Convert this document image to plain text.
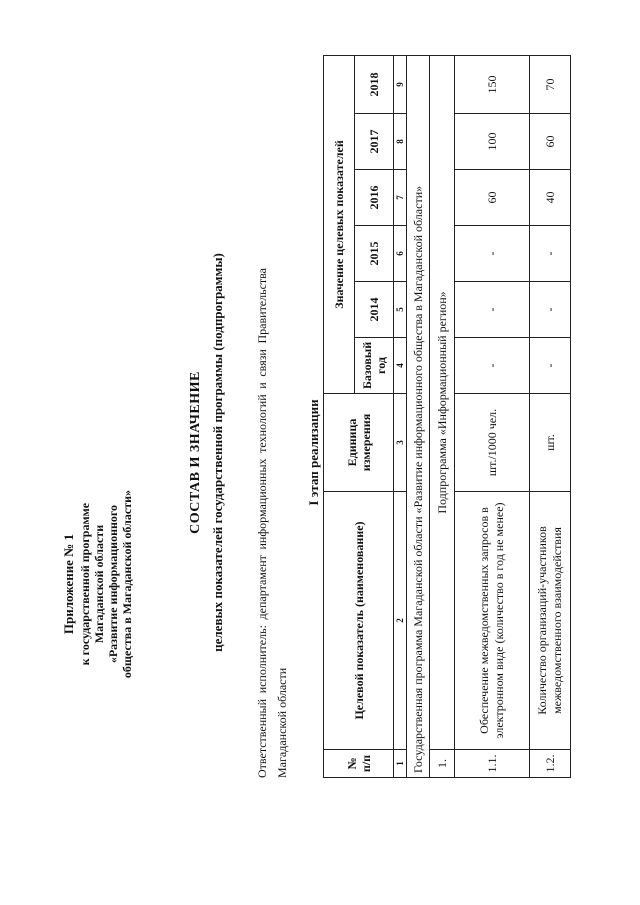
Приложение № 1 к государственной программе Магаданской области «Развитие информационного общества в Магаданской области»
СОСТАВ И ЗНАЧЕНИЕ целевых показателей государственной программы (подпрограммы)	Ответственный исполнитель: департамент информационных технологий и связи Правительства Магаданской области
I этап реализации
№ п/п	Целевой показатель (наименование)	Единица измерения	Значение целевых показателей					
			Базовый год	2014	2015	2016	2017	2018
1	2	3	4	5	6	7	8	9
Государственная программа Магаданской области «Развитие информационного общества в Магаданской области»								
1.	Подпрограмма «Информационный регион»							
1.1.	Обеспечение межведомственных запросов в электронном виде (количество в год не менее)	шт./1000 чел.	-	-	-	60	100	150
1.2.	Количество организаций-участников межведомственного взаимодействия	шт.	-	-	-	40	60	70
